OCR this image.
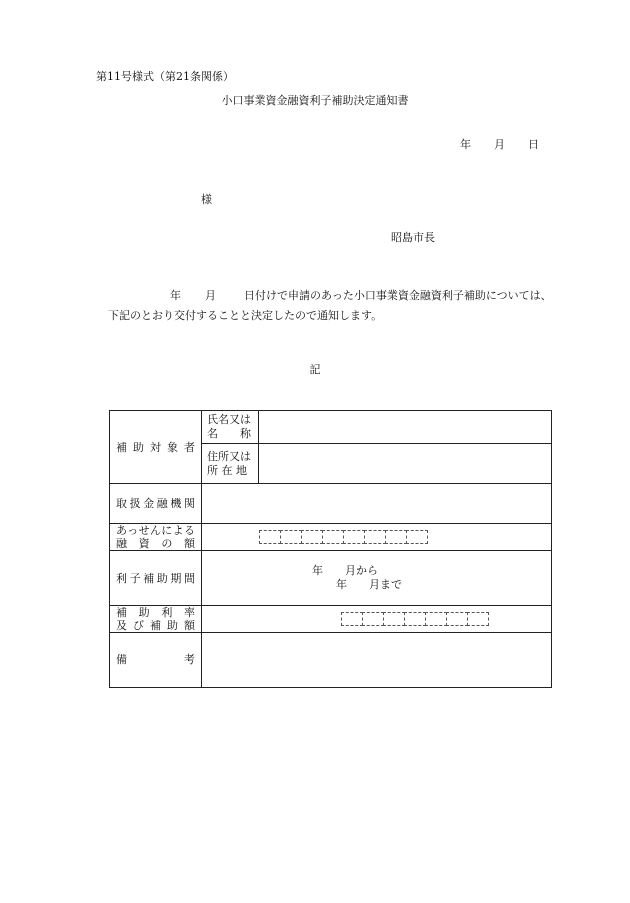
第11号様式（第21条関係）
小口事業資金融資利子補助決定通知書
年 月 日
様
昭島市長
年 月	日付けで申請のあった小口事業資金融資利子補助については、
下記のとおり交付することと決定したので通知します。
記
補助対象者	氏名又は
名　　称	

	住所又は
所 在 地	

取扱金融機関		

あっせんによる
融　資　の　額		

利子補助期間	年　　月から
年　　月まで	

補　助　利　率
及 び 補 助 額		

備　　　　　考		
